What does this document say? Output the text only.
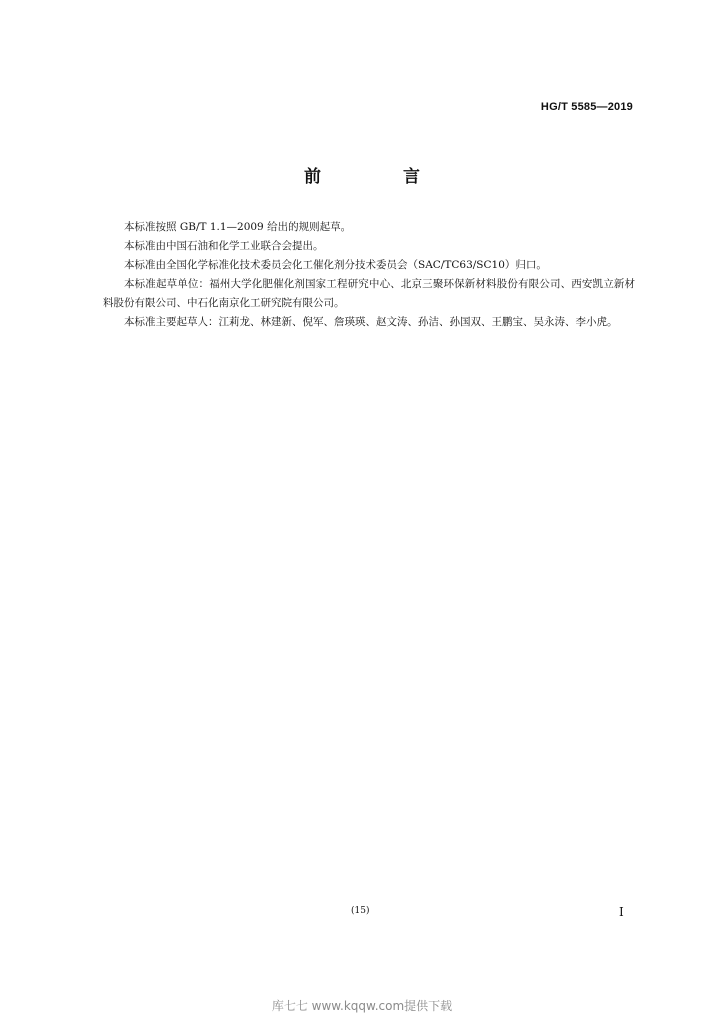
HG/T 5585—2019
前 言

本标准按照 GB/T 1.1—2009 给出的规则起草。

本标准由中国石油和化学工业联合会提出。

本标准由全国化学标准化技术委员会化工催化剂分技术委员会（SAC/TC63/SC10）归口。

本标准起草单位：福州大学化肥催化剂国家工程研究中心、北京三聚环保新材料股份有限公司、西安凯立新材料股份有限公司、中石化南京化工研究院有限公司。

本标准主要起草人：江莉龙、林建新、倪军、詹瑛瑛、赵文涛、孙洁、孙国双、王鹏宝、吴永涛、李小虎。

(15)	I
库七七 www.kqqw.com提供下载
